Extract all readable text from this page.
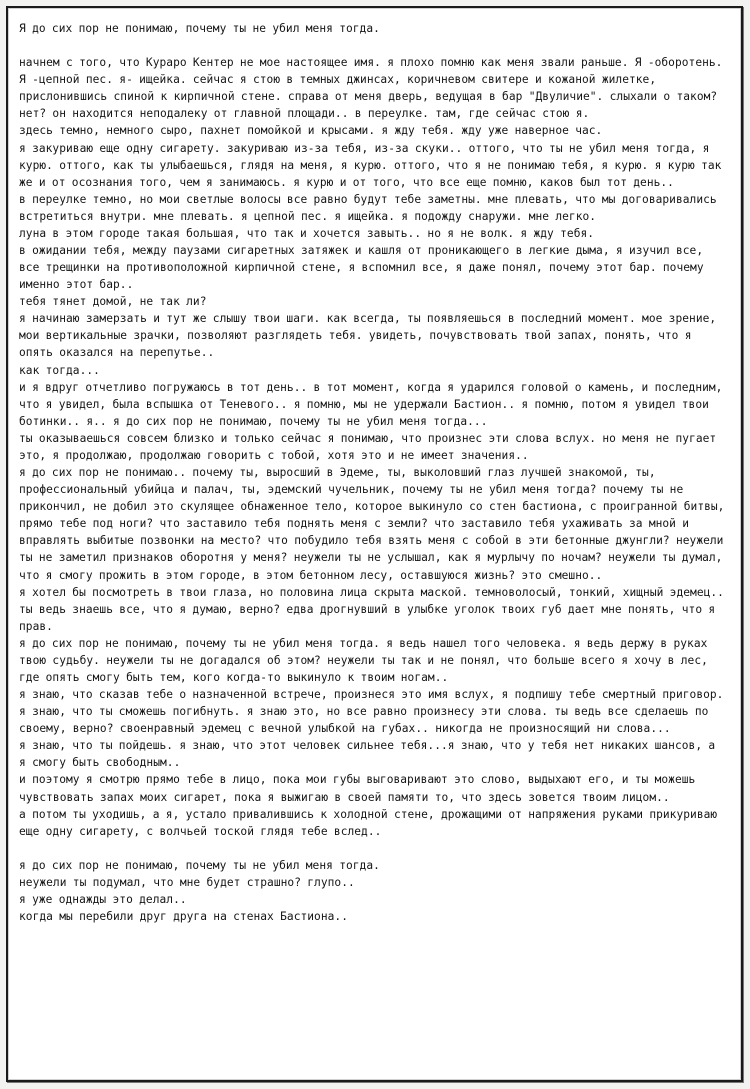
Я до сих пор не понимаю, почему ты не убил меня тогда.

начнем с того, что Кураро Кентер не мое настоящее имя. я плохо помню как меня звали раньше. Я -оборотень. Я -цепной пес. я- ищейка. сейчас я стою в темных джинсах, коричневом свитере и кожаной жилетке, прислонившись спиной к кирпичной стене. справа от меня дверь, ведущая в бар "Двуличие". слыхали о таком? нет? он находится неподалеку от главной площади.. в переулке. там, где сейчас стою я.

здесь темно, немного сыро, пахнет помойкой и крысами. я жду тебя. жду уже наверное час.

я закуриваю еще одну сигарету. закуриваю из-за тебя, из-за скуки.. оттого, что ты не убил меня тогда, я курю. оттого, как ты улыбаешься, глядя на меня, я курю. оттого, что я не понимаю тебя, я курю. я курю так же и от осознания того, чем я занимаюсь. я курю и от того, что все еще помню, каков был тот день..

в переулке темно, но мои светлые волосы все равно будут тебе заметны. мне плевать, что мы договаривались встретиться внутри. мне плевать. я цепной пес. я ищейка. я подожду снаружи. мне легко.

луна в этом городе такая большая, что так и хочется завыть.. но я не волк. я жду тебя.

в ожидании тебя, между паузами сигаретных затяжек и кашля от проникающего в легкие дыма, я изучил все, все трещинки на противоположной кирпичной стене, я вспомнил все, я даже понял, почему этот бар. почему именно этот бар..

тебя тянет домой, не так ли?

я начинаю замерзать и тут же слышу твои шаги. как всегда, ты появляешься в последний момент. мое зрение, мои вертикальные зрачки, позволяют разглядеть тебя. увидеть, почувствовать твой запах, понять, что я опять оказался на перепутье..

как тогда...

и я вдруг отчетливо погружаюсь в тот день.. в тот момент, когда я ударился головой о камень, и последним, что я увидел, была вспышка от Теневого.. я помню, мы не удержали Бастион.. я помню, потом я увидел твои ботинки.. я.. я до сих пор не понимаю, почему ты не убил меня тогда...

ты оказываешься совсем близко и только сейчас я понимаю, что произнес эти слова вслух. но меня не пугает это, я продолжаю, продолжаю говорить с тобой, хотя это и не имеет значения..

я до сих пор не понимаю.. почему ты, выросший в Эдеме, ты, выколовший глаз лучшей знакомой, ты, профессиональный убийца и палач, ты, эдемский чучельник, почему ты не убил меня тогда? почему ты не прикончил, не добил это скулящее обнаженное тело, которое выкинуло со стен бастиона, с проигранной битвы, прямо тебе под ноги? что заставило тебя поднять меня с земли? что заставило тебя ухаживать за мной и вправлять выбитые позвонки на место? что побудило тебя взять меня с собой в эти бетонные джунгли? неужели ты не заметил признаков оборотня у меня? неужели ты не услышал, как я мурлычу по ночам? неужели ты думал, что я смогу прожить в этом городе, в этом бетонном лесу, оставшуюся жизнь? это смешно..

я хотел бы посмотреть в твои глаза, но половина лица скрыта маской. темноволосый, тонкий, хищный эдемец.. ты ведь знаешь все, что я думаю, верно? едва дрогнувший в улыбке уголок твоих губ дает мне понять, что я прав.

я до сих пор не понимаю, почему ты не убил меня тогда. я ведь нашел того человека. я ведь держу в руках твою судьбу. неужели ты не догадался об этом? неужели ты так и не понял, что больше всего я хочу в лес, где опять смогу быть тем, кого когда-то выкинуло к твоим ногам..

я знаю, что сказав тебе о назначенной встрече, произнеся это имя вслух, я подпишу тебе смертный приговор. я знаю, что ты сможешь погибнуть. я знаю это, но все равно произнесу эти слова. ты ведь все сделаешь по своему, верно? своенравный эдемец с вечной улыбкой на губах.. никогда не произносящий ни слова...

я знаю, что ты пойдешь. я знаю, что этот человек сильнее тебя...я знаю, что у тебя нет никаких шансов, а я смогу быть свободным..

и поэтому я смотрю прямо тебе в лицо, пока мои губы выговаривают это слово, выдыхают его, и ты можешь чувствовать запах моих сигарет, пока я выжигаю в своей памяти то, что здесь зовется твоим лицом..

а потом ты уходишь, а я, устало привалившись к холодной стене, дрожащими от напряжения руками прикуриваю еще одну сигарету, с волчьей тоской глядя тебе вслед..

я до сих пор не понимаю, почему ты не убил меня тогда.

неужели ты подумал, что мне будет страшно? глупо..

я уже однажды это делал..

когда мы перебили друг друга на стенах Бастиона..
